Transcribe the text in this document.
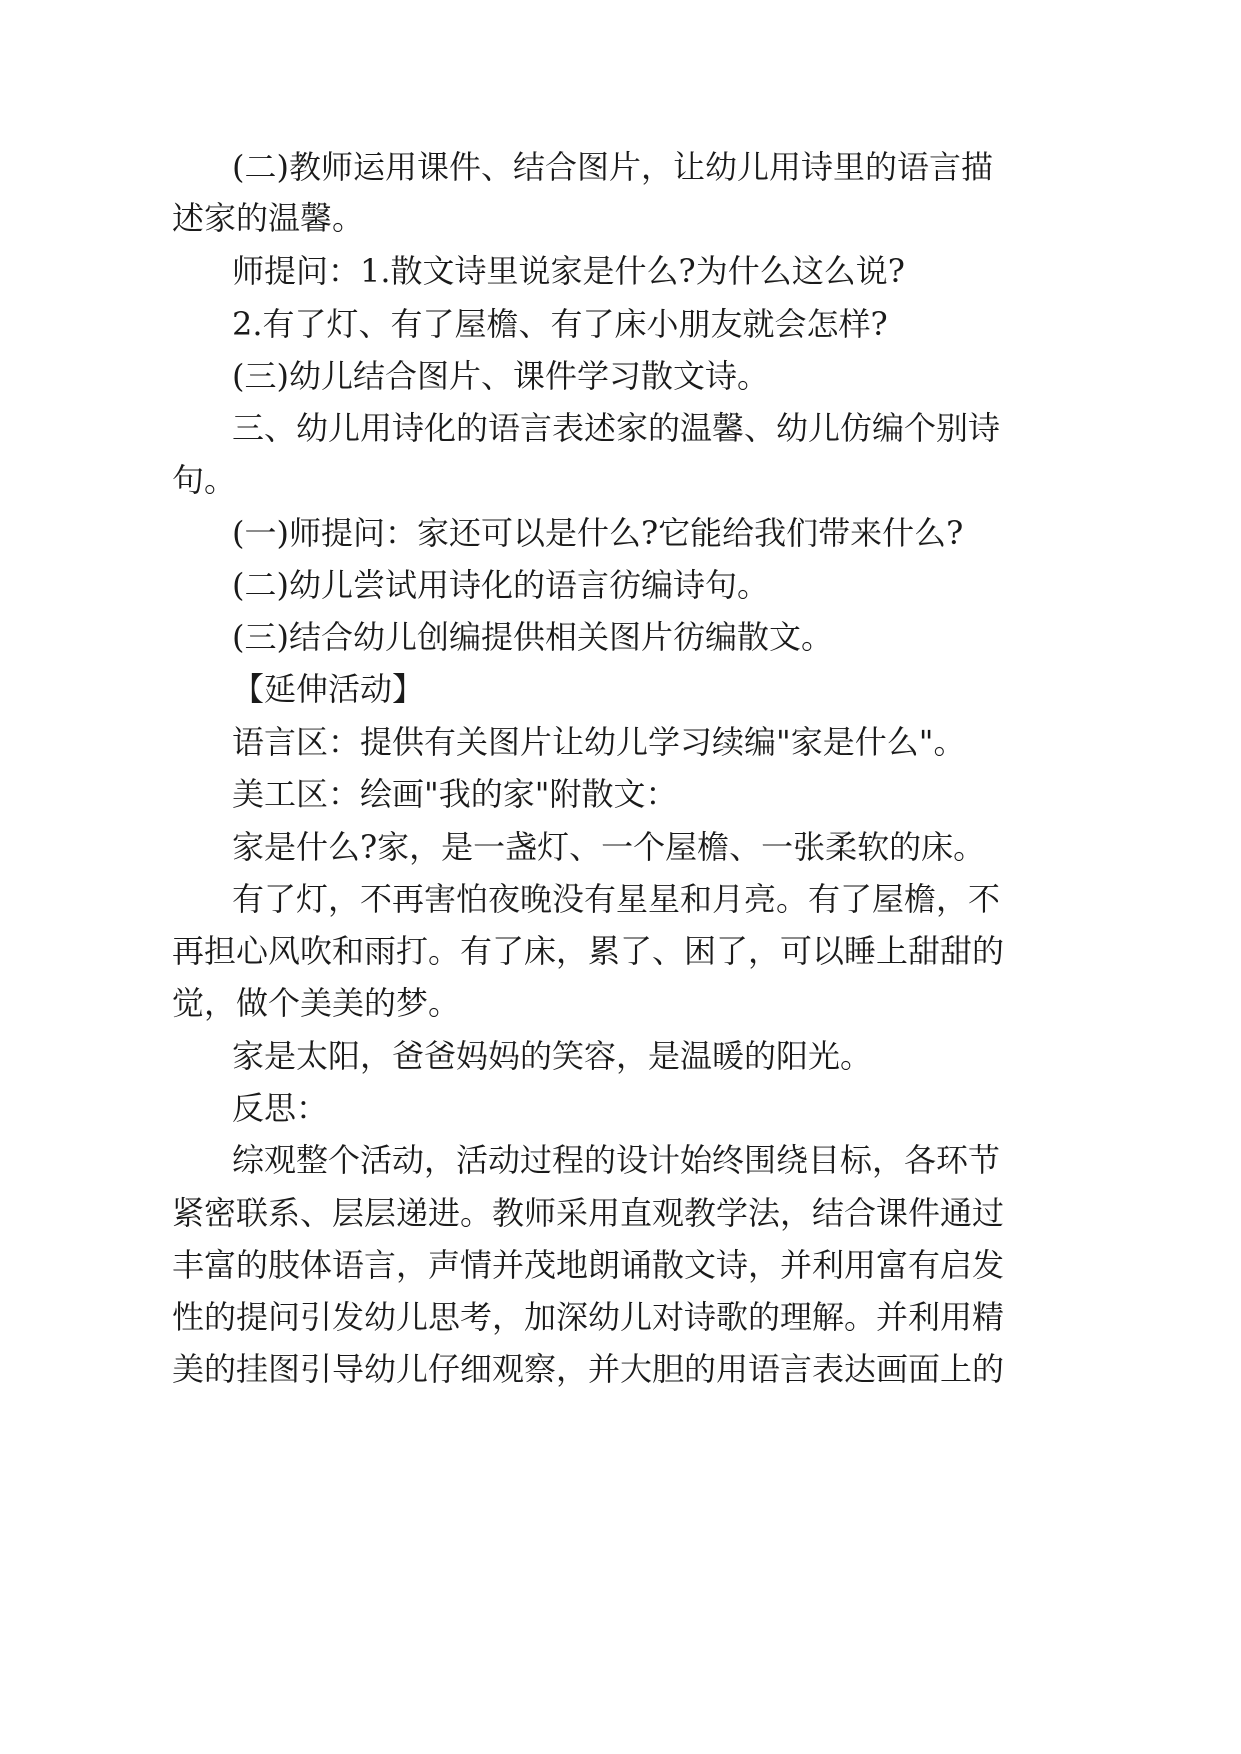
(二)教师运用课件、结合图片，让幼儿用诗里的语言描
述家的温馨。
师提问：1.散文诗里说家是什么?为什么这么说?
2.有了灯、有了屋檐、有了床小朋友就会怎样?
(三)幼儿结合图片、课件学习散文诗。
三、幼儿用诗化的语言表述家的温馨、幼儿仿编个别诗
句。
(一)师提问：家还可以是什么?它能给我们带来什么?
(二)幼儿尝试用诗化的语言彷编诗句。
(三)结合幼儿创编提供相关图片彷编散文。
【延伸活动】
语言区：提供有关图片让幼儿学习续编"家是什么"。
美工区：绘画"我的家"附散文：
家是什么?家，是一盏灯、一个屋檐、一张柔软的床。
有了灯，不再害怕夜晚没有星星和月亮。有了屋檐，不
再担心风吹和雨打。有了床，累了、困了，可以睡上甜甜的
觉，做个美美的梦。
家是太阳，爸爸妈妈的笑容，是温暖的阳光。
反思：
综观整个活动，活动过程的设计始终围绕目标，各环节
紧密联系、层层递进。教师采用直观教学法，结合课件通过
丰富的肢体语言，声情并茂地朗诵散文诗，并利用富有启发
性的提问引发幼儿思考，加深幼儿对诗歌的理解。并利用精
美的挂图引导幼儿仔细观察，并大胆的用语言表达画面上的
